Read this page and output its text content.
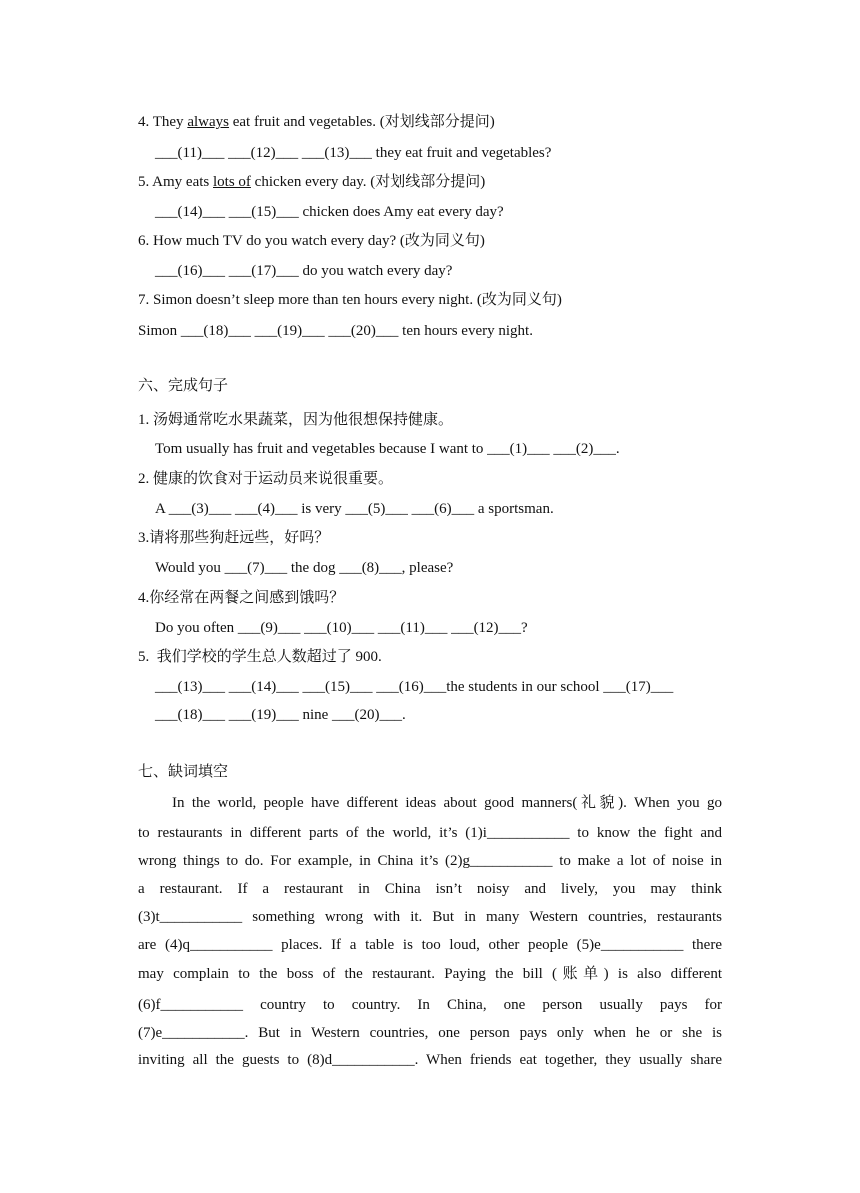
4. They always eat fruit and vegetables. (对划线部分提问)
___(11)___ ___(12)___ ___(13)___ they eat fruit and vegetables?
5. Amy eats lots of chicken every day. (对划线部分提问)
___(14)___ ___(15)___ chicken does Amy eat every day?
6. How much TV do you watch every day? (改为同义句)
___(16)___ ___(17)___ do you watch every day?
7. Simon doesn’t sleep more than ten hours every night. (改为同义句)
Simon ___(18)___ ___(19)___ ___(20)___ ten hours every night.
六、完成句子
1. 汤姆通常吃水果蔬菜，因为他很想保持健康。
Tom usually has fruit and vegetables because I want to ___(1)___ ___(2)___.
2. 健康的饮食对于运动员来说很重要。
A ___(3)___ ___(4)___ is very ___(5)___ ___(6)___ a sportsman.
3.请将那些狗赶远些，好吗？
Would you ___(7)___ the dog ___(8)___, please?
4.你经常在两餐之间感到饿吗？
Do you often ___(9)___ ___(10)___ ___(11)___ ___(12)___?
5.  我们学校的学生总人数超过了 900.
___(13)___ ___(14)___ ___(15)___ ___(16)___the students in our school ___(17)___
___(18)___ ___(19)___ nine ___(20)___.
七、缺词填空
In the world, people have different ideas about good manners(礼貌). When you go
to restaurants in different parts of the world, it’s (1)i___________ to know the fight and
wrong things to do. For example, in China it’s (2)g___________ to make a lot of noise in
a restaurant. If a restaurant in China isn’t noisy and lively, you may think
(3)t___________ something wrong with it. But in many Western countries, restaurants
are (4)q___________ places. If a table is too loud, other people (5)e___________ there
may complain to the boss of the restaurant. Paying the bill (账单) is also different
(6)f___________ country to country. In China, one person usually pays for
(7)e___________. But in Western countries, one person pays only when he or she is
inviting all the guests to (8)d___________. When friends eat together, they usually share
